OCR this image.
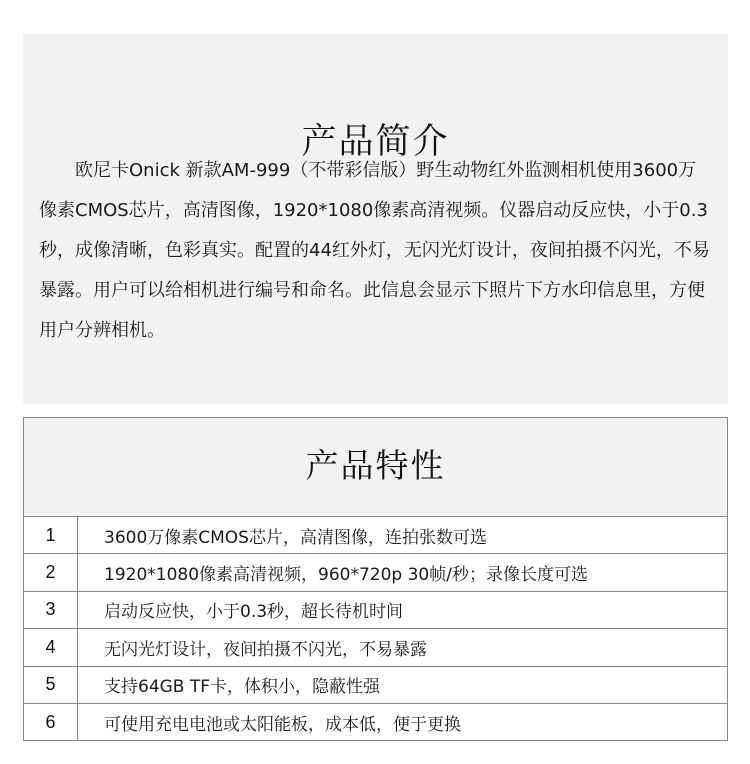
产品简介

欧尼卡Onick 新款AM-999（不带彩信版）野生动物红外监测相机使用3600万像素CMOS芯片，高清图像，1920*1080像素高清视频。仪器启动反应快，小于0.3秒，成像清晰，色彩真实。配置的44红外灯，无闪光灯设计，夜间拍摄不闪光，不易暴露。用户可以给相机进行编号和命名。此信息会显示下照片下方水印信息里，方便用户分辨相机。

产品特性
1	3600万像素CMOS芯片，高清图像，连拍张数可选
2	1920*1080像素高清视频，960*720p 30帧/秒；录像长度可选
3	启动反应快，小于0.3秒，超长待机时间
4	无闪光灯设计，夜间拍摄不闪光，不易暴露
5	支持64GB TF卡，体积小，隐蔽性强
6	可使用充电电池或太阳能板，成本低，便于更换
